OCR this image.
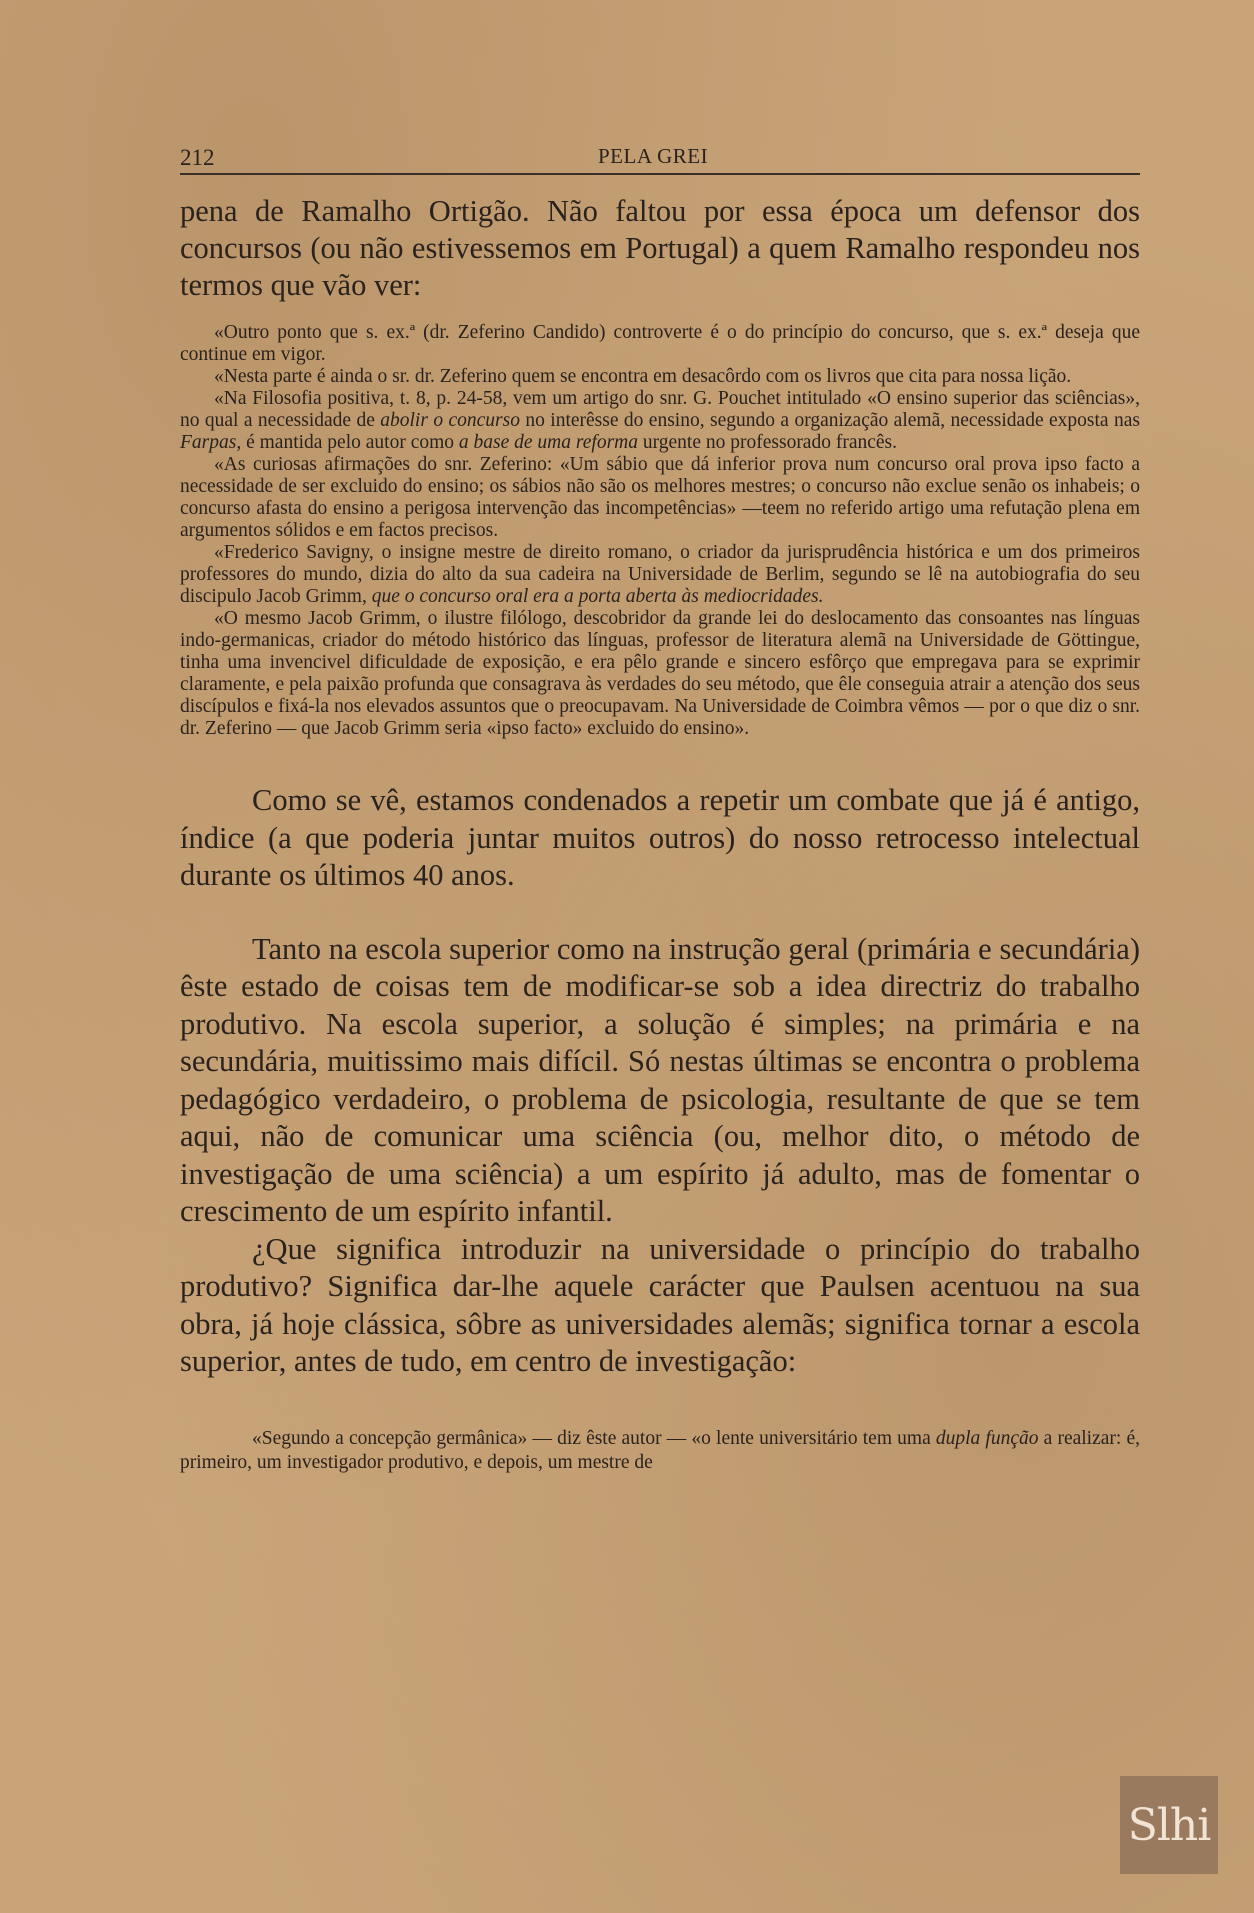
212	PELA GREI
pena de Ramalho Ortigão. Não faltou por essa época um defensor dos concursos (ou não estivessemos em Portugal) a quem Ramalho respondeu nos termos que vão ver:

«Outro ponto que s. ex.ª (dr. Zeferino Candido) controverte é o do princípio do concurso, que s. ex.ª deseja que continue em vigor.

«Nesta parte é ainda o sr. dr. Zeferino quem se encontra em desacôrdo com os livros que cita para nossa lição.

«Na Filosofia positiva, t. 8, p. 24-58, vem um artigo do snr. G. Pouchet intitulado «O ensino superior das sciências», no qual a necessidade de abolir o concurso no interêsse do ensino, segundo a organização alemã, necessidade exposta nas Farpas, é mantida pelo autor como a base de uma reforma urgente no professorado francês.

«As curiosas afirmações do snr. Zeferino: «Um sábio que dá inferior prova num concurso oral prova ipso facto a necessidade de ser excluido do ensino; os sábios não são os melhores mestres; o concurso não exclue senão os inhabeis; o concurso afasta do ensino a perigosa intervenção das incompetências» —teem no referido artigo uma refutação plena em argumentos sólidos e em factos precisos.

«Frederico Savigny, o insigne mestre de direito romano, o criador da jurisprudência histórica e um dos primeiros professores do mundo, dizia do alto da sua cadeira na Universidade de Berlim, segundo se lê na autobiografia do seu discipulo Jacob Grimm, que o concurso oral era a porta aberta às mediocridades.

«O mesmo Jacob Grimm, o ilustre filólogo, descobridor da grande lei do deslocamento das consoantes nas línguas indo-germanicas, criador do método histórico das línguas, professor de literatura alemã na Universidade de Göttingue, tinha uma invencivel dificuldade de exposição, e era pêlo grande e sincero esfôrço que empregava para se exprimir claramente, e pela paixão profunda que consagrava às verdades do seu método, que êle conseguia atrair a atenção dos seus discípulos e fixá-la nos elevados assuntos que o preocupavam. Na Universidade de Coimbra vêmos — por o que diz o snr. dr. Zeferino — que Jacob Grimm seria «ipso facto» excluido do ensino».

Como se vê, estamos condenados a repetir um combate que já é antigo, índice (a que poderia juntar muitos outros) do nosso retrocesso intelectual durante os últimos 40 anos.

Tanto na escola superior como na instrução geral (primária e secundária) êste estado de coisas tem de modificar-se sob a idea directriz do trabalho produtivo. Na escola superior, a solução é simples; na primária e na secundária, muitissimo mais difícil. Só nestas últimas se encontra o problema pedagógico verdadeiro, o problema de psicologia, resultante de que se tem aqui, não de comunicar uma sciência (ou, melhor dito, o método de investigação de uma sciência) a um espírito já adulto, mas de fomentar o crescimento de um espírito infantil.

¿Que significa introduzir na universidade o princípio do trabalho produtivo? Significa dar-lhe aquele carácter que Paulsen acentuou na sua obra, já hoje clássica, sôbre as universidades alemãs; significa tornar a escola superior, antes de tudo, em centro de investigação:

«Segundo a concepção germânica» — diz êste autor — «o lente universitário tem uma dupla função a realizar: é, primeiro, um investigador produtivo, e depois, um mestre de

Slhi
